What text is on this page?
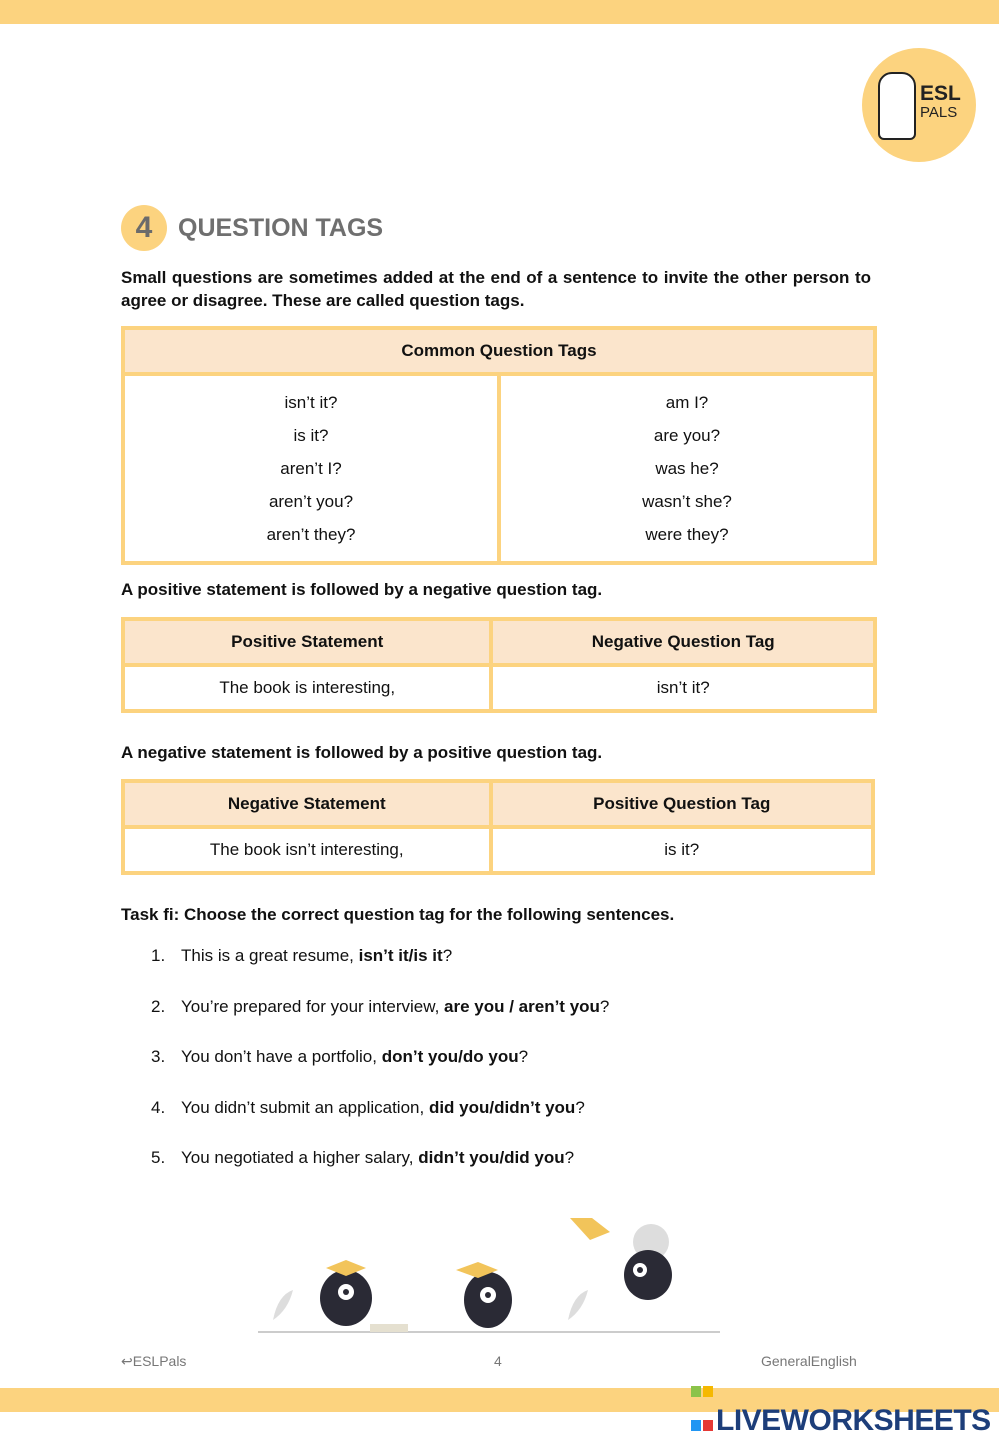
ESL
PALS
4	QUESTION TAGS
Small questions are sometimes added at the end of a sentence to invite the other person to agree or disagree. These are called question tags.
Common Question Tags

isn’t it?
is it?
aren’t I?
aren’t you?
aren’t they?

am I?
are you?
was he?
wasn’t she?
were they?
A positive statement is followed by a negative question tag.
Positive Statement	Negative Question Tag
The book is interesting,	isn’t it?
A negative statement is followed by a positive question tag.
Negative Statement	Positive Question Tag
The book isn’t interesting,	is it?
Task fi: Choose the correct question tag for the following sentences.
1. This is a great resume, isn’t it/is it?
2. You’re prepared for your interview, are you / aren’t you?
3. You don’t have a portfolio, don’t you/do you?
4. You didn’t submit an application, did you/didn’t you?
5. You negotiated a higher salary, didn’t you/did you?
↩ESLPals	4	GeneralEnglish
LIVEWORKSHEETS
